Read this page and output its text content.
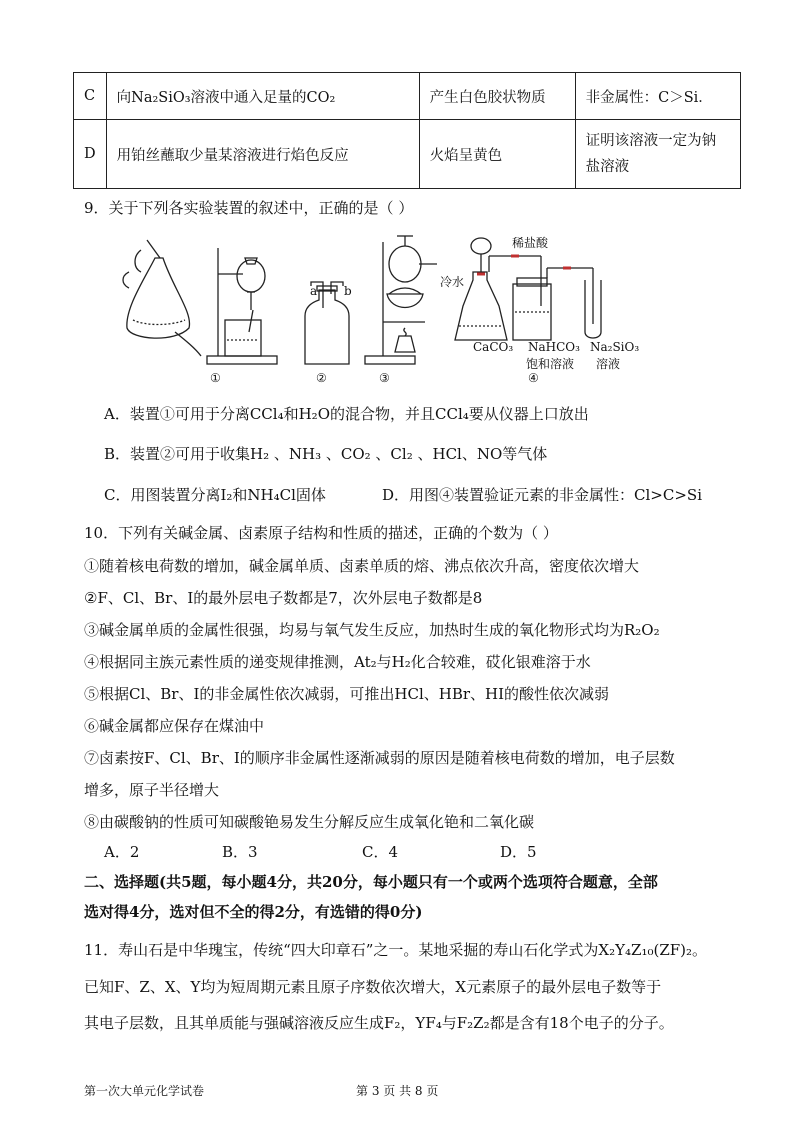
C	向Na₂SiO₃溶液中通入足量的CO₂	产生白色胶状物质	非金属性：C＞Si．
D	用铂丝蘸取少量某溶液进行焰色反应	火焰呈黄色	证明该溶液一定为钠
盐溶液
9．关于下列各实验装置的叙述中，正确的是（ ）
a b
冷水
稀盐酸
CaCO₃ NaHCO₃
饱和溶液
Na₂SiO₃
溶液
①	②	③	④
A．装置①可用于分离CCl₄和H₂O的混合物，并且CCl₄要从仪器上口放出
B．装置②可用于收集H₂ 、NH₃ 、CO₂ 、Cl₂ 、HCl、NO等气体
C．用图装置分离I₂和NH₄Cl固体	D．用图④装置验证元素的非金属性：Cl>C>Si
10．下列有关碱金属、卤素原子结构和性质的描述，正确的个数为（ ）
①随着核电荷数的增加，碱金属单质、卤素单质的熔、沸点依次升高，密度依次增大
②F、Cl、Br、I的最外层电子数都是7，次外层电子数都是8
③碱金属单质的金属性很强，均易与氧气发生反应，加热时生成的氧化物形式均为R₂O₂
④根据同主族元素性质的递变规律推测，At₂与H₂化合较难，砹化银难溶于水
⑤根据Cl、Br、I的非金属性依次减弱，可推出HCl、HBr、HI的酸性依次减弱
⑥碱金属都应保存在煤油中
⑦卤素按F、Cl、Br、I的顺序非金属性逐渐减弱的原因是随着核电荷数的增加，电子层数
增多，原子半径增大
⑧由碳酸钠的性质可知碳酸铯易发生分解反应生成氧化铯和二氧化碳
A．2	B．3	C．4	D．5
二、选择题(共5题，每小题4分，共20分，每小题只有一个或两个选项符合题意，全部
选对得4分，选对但不全的得2分，有选错的得0分)
11．寿山石是中华瑰宝，传统“四大印章石”之一。某地采掘的寿山石化学式为X₂Y₄Z₁₀(ZF)₂。
已知F、Z、X、Y均为短周期元素且原子序数依次增大，X元素原子的最外层电子数等于
其电子层数，且其单质能与强碱溶液反应生成F₂，YF₄与F₂Z₂都是含有18个电子的分子。
第一次大单元化学试卷	第 3 页 共 8 页
